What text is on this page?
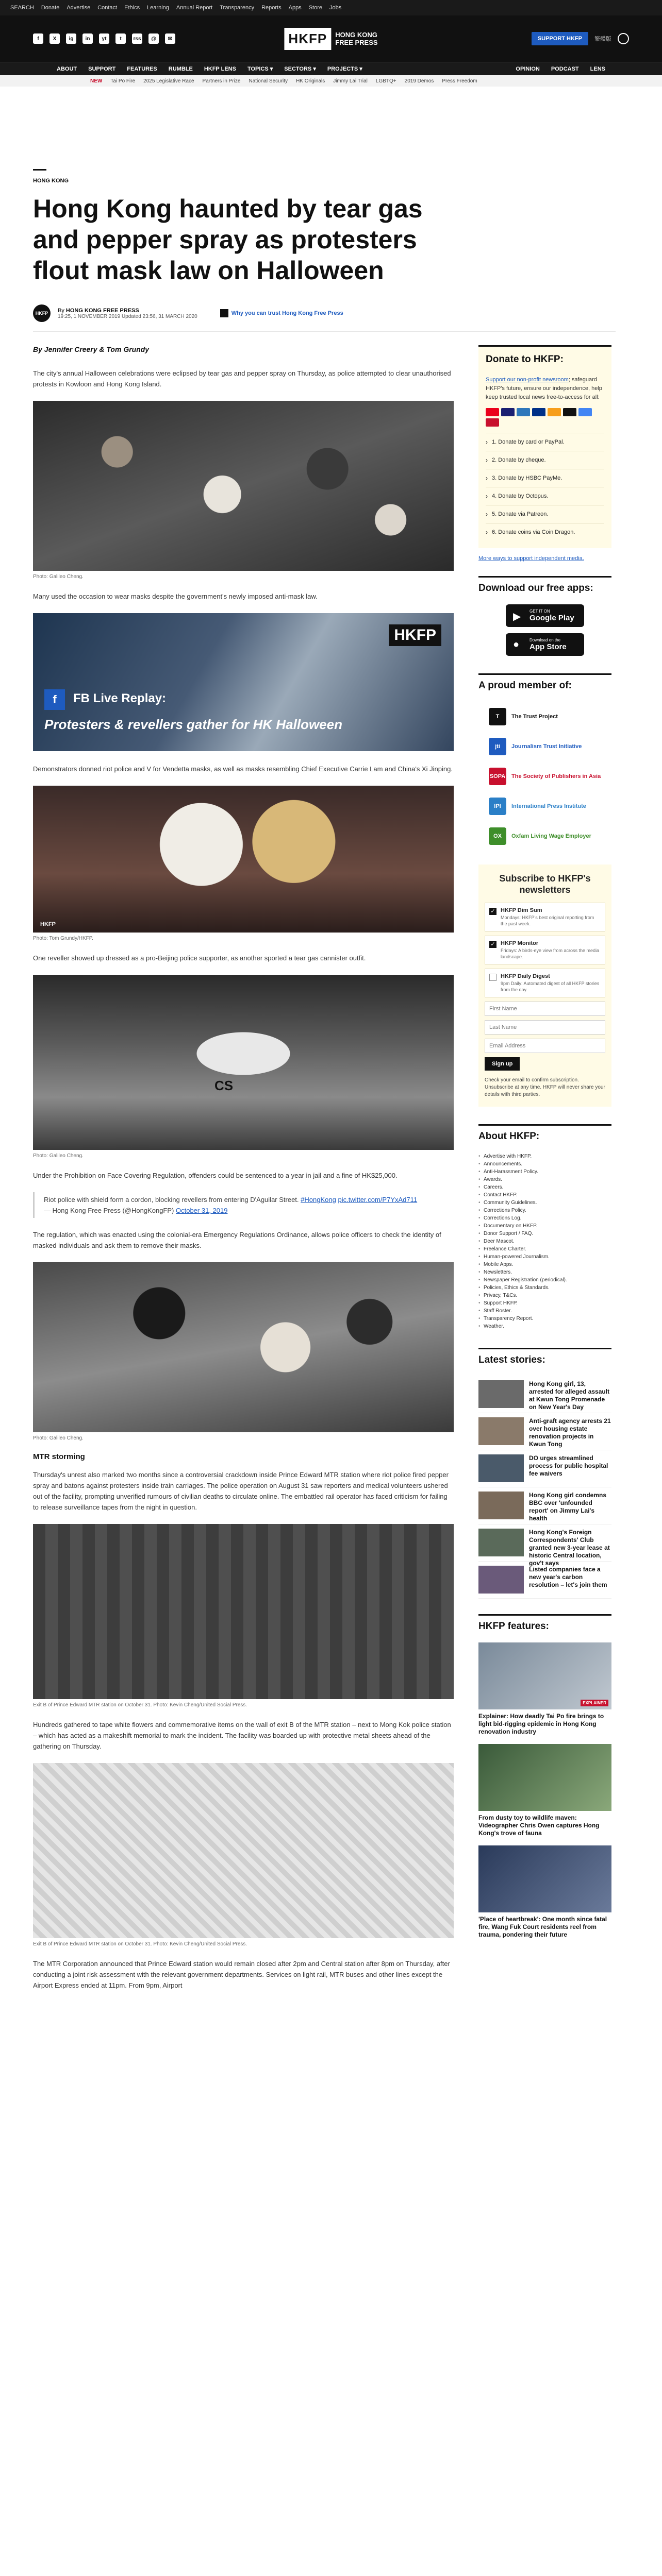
SEARCH Donate Advertise Contact Ethics Learning Annual Report Transparency Reports Apps Store Jobs
f	X	ig	in	yt	t	rss	@	✉	HKFP	HONG KONG
FREE PRESS	SUPPORT HKFP	繁體版
ABOUT SUPPORT FEATURES RUMBLE HKFP LENS TOPICS ▾ SECTORS ▾ PROJECTS ▾	OPINION PODCAST LENS
NEW Tai Po Fire 2025 Legislative Race Partners in Prize National Security HK Originals Jimmy Lai Trial LGBTQ+ 2019 Demos Press Freedom
HONG KONG
Hong Kong haunted by tear gas and pepper spray as protesters flout mask law on Halloween
HKFP	By HONG KONG FREE PRESS
19:25, 1 NOVEMBER 2019 Updated 23:56, 31 MARCH 2020	Why you can trust Hong Kong Free Press
By Jennifer Creery & Tom Grundy

The city's annual Halloween celebrations were eclipsed by tear gas and pepper spray on Thursday, as police attempted to clear unauthorised protests in Kowloon and Hong Kong Island.

Photo: Galileo Cheng.

Many used the occasion to wear masks despite the government's newly imposed anti-mask law.

HKFP
f	FB Live Replay:
Protesters & revellers gather for HK Halloween

Demonstrators donned riot police and V for Vendetta masks, as well as masks resembling Chief Executive Carrie Lam and China's Xi Jinping.

HKFP
Photo: Tom Grundy/HKFP.

One reveller showed up dressed as a pro-Beijing police supporter, as another sported a tear gas cannister outfit.

CS
Photo: Galileo Cheng.

Under the Prohibition on Face Covering Regulation, offenders could be sentenced to a year in jail and a fine of HK$25,000.

Riot police with shield form a cordon, blocking revellers from entering D'Aguilar Street. #HongKong pic.twitter.com/P7YxAd711
— Hong Kong Free Press (@HongKongFP) October 31, 2019

The regulation, which was enacted using the colonial-era Emergency Regulations Ordinance, allows police officers to check the identity of masked individuals and ask them to remove their masks.

Photo: Galileo Cheng.
MTR storming

Thursday's unrest also marked two months since a controversial crackdown inside Prince Edward MTR station where riot police fired pepper spray and batons against protesters inside train carriages. The police operation on August 31 saw reporters and medical volunteers ushered out of the facility, prompting unverified rumours of civilian deaths to circulate online. The embattled rail operator has faced criticism for failing to release surveillance tapes from the night in question.

Exit B of Prince Edward MTR station on October 31. Photo: Kevin Cheng/United Social Press.

Hundreds gathered to tape white flowers and commemorative items on the wall of exit B of the MTR station – next to Mong Kok police station – which has acted as a makeshift memorial to mark the incident. The facility was boarded up with protective metal sheets ahead of the gathering on Thursday.

Exit B of Prince Edward MTR station on October 31. Photo: Kevin Cheng/United Social Press.

The MTR Corporation announced that Prince Edward station would remain closed after 2pm and Central station after 8pm on Thursday, after conducting a joint risk assessment with the relevant government departments. Services on light rail, MTR buses and other lines except the Airport Express ended at 11pm. From 9pm, Airport

Donate to HKFP:
Support our non-profit newsroom; safeguard HKFP's future, ensure our independence, help keep trusted local news free-to-access for all:
› 1. Donate by card or PayPal.
› 2. Donate by cheque.
› 3. Donate by HSBC PayMe.
› 4. Donate by Octopus.
› 5. Donate via Patreon.
› 6. Donate coins via Coin Dragon.
More ways to support independent media.
Download our free apps:
▶ GET IT ON
Google Play
● Download on the
App Store
A proud member of:
T	The Trust Project
jti	Journalism Trust Initiative
SOPA The Society of Publishers in Asia
IPI	International Press Institute
OX	Oxfam Living Wage Employer
Subscribe to HKFP's newsletters
✓ HKFP Dim Sum
Mondays: HKFP's best original reporting from the past week.
✓ HKFP Monitor
Fridays: A birds-eye view from across the media landscape.
HKFP Daily Digest
9pm Daily: Automated digest of all HKFP stories from the day.
First Name Last Name Email Address Sign up
Check your email to confirm subscription. Unsubscribe at any time. HKFP will never share your details with third parties.
About HKFP:
• Advertise with HKFP.
• Announcements.
• Anti-Harassment Policy.
• Awards.
• Careers.
• Contact HKFP.
• Community Guidelines.
• Corrections Policy.
• Corrections Log.
• Documentary on HKFP.
• Donor Support / FAQ.
• Deer Mascot.
• Freelance Charter.
• Human-powered Journalism.
• Mobile Apps.
• Newsletters.
• Newspaper Registration (periodical).
• Policies, Ethics & Standards.
• Privacy, T&Cs.
• Support HKFP.
• Staff Roster.
• Transparency Report.
• Weather.
Latest stories:
Hong Kong girl, 13, arrested for alleged assault at Kwun Tong Promenade on New Year's Day
Anti-graft agency arrests 21 over housing estate renovation projects in Kwun Tong
DO urges streamlined process for public hospital fee waivers
Hong Kong girl condemns BBC over 'unfounded report' on Jimmy Lai's health
Hong Kong's Foreign Correspondents' Club granted new 3-year lease at historic Central location, gov't says
Listed companies face a new year's carbon resolution – let's join them
HKFP features:
EXPLAINER
Explainer: How deadly Tai Po fire brings to light bid-rigging epidemic in Hong Kong renovation industry
From dusty toy to wildlife maven: Videographer Chris Owen captures Hong Kong's trove of fauna
'Place of heartbreak': One month since fatal fire, Wang Fuk Court residents reel from trauma, pondering their future
